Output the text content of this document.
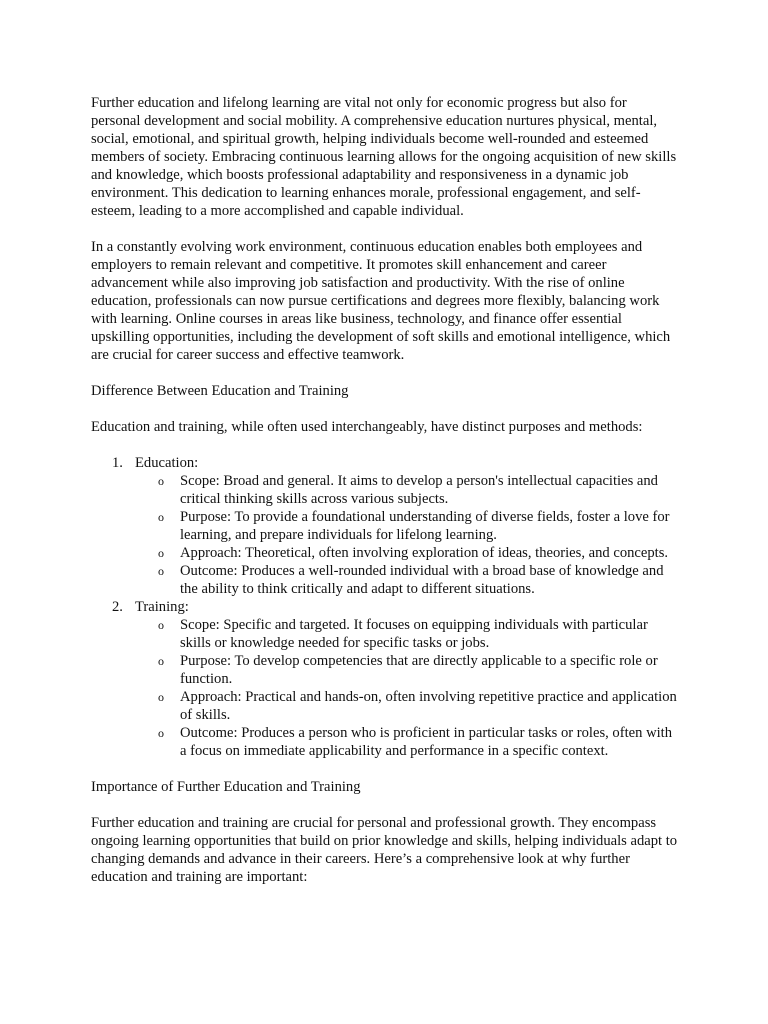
Further education and lifelong learning are vital not only for economic progress but also for personal development and social mobility. A comprehensive education nurtures physical, mental, social, emotional, and spiritual growth, helping individuals become well-rounded and esteemed members of society. Embracing continuous learning allows for the ongoing acquisition of new skills and knowledge, which boosts professional adaptability and responsiveness in a dynamic job environment. This dedication to learning enhances morale, professional engagement, and self-esteem, leading to a more accomplished and capable individual.

In a constantly evolving work environment, continuous education enables both employees and employers to remain relevant and competitive. It promotes skill enhancement and career advancement while also improving job satisfaction and productivity. With the rise of online education, professionals can now pursue certifications and degrees more flexibly, balancing work with learning. Online courses in areas like business, technology, and finance offer essential upskilling opportunities, including the development of soft skills and emotional intelligence, which are crucial for career success and effective teamwork.

Difference Between Education and Training

Education and training, while often used interchangeably, have distinct purposes and methods:

1. Education:
o Scope: Broad and general. It aims to develop a person's intellectual capacities and critical thinking skills across various subjects.
o Purpose: To provide a foundational understanding of diverse fields, foster a love for learning, and prepare individuals for lifelong learning.
o Approach: Theoretical, often involving exploration of ideas, theories, and concepts.
o Outcome: Produces a well-rounded individual with a broad base of knowledge and the ability to think critically and adapt to different situations.
2. Training:
o Scope: Specific and targeted. It focuses on equipping individuals with particular skills or knowledge needed for specific tasks or jobs.
o Purpose: To develop competencies that are directly applicable to a specific role or function.
o Approach: Practical and hands-on, often involving repetitive practice and application of skills.
o Outcome: Produces a person who is proficient in particular tasks or roles, often with a focus on immediate applicability and performance in a specific context.

Importance of Further Education and Training

Further education and training are crucial for personal and professional growth. They encompass ongoing learning opportunities that build on prior knowledge and skills, helping individuals adapt to changing demands and advance in their careers. Here’s a comprehensive look at why further education and training are important:
